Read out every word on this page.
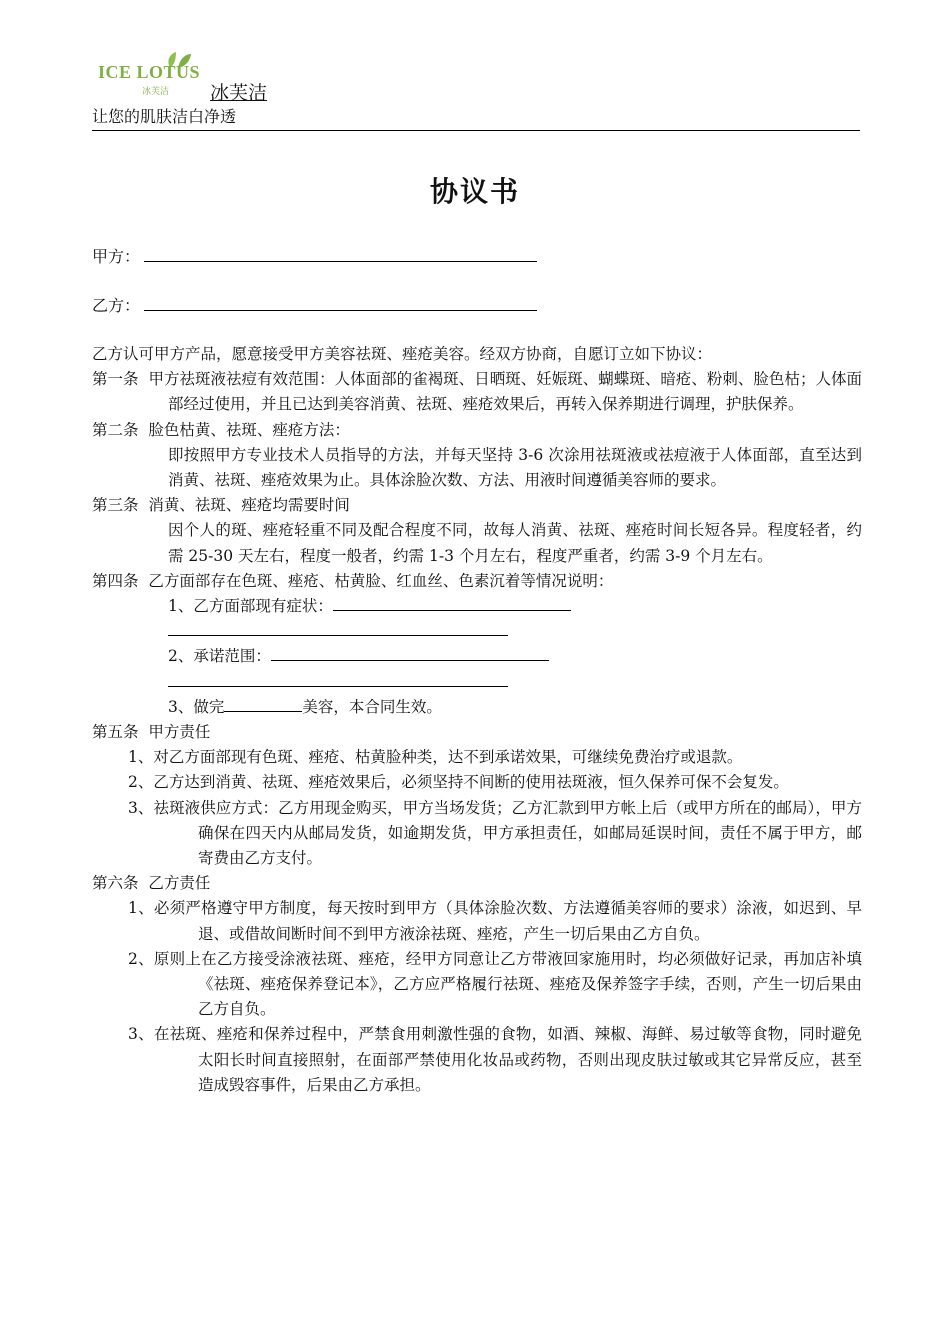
ICE LOTUS
冰芙洁 冰芙洁
让您的肌肤洁白净透
协议书
甲方：
乙方：

乙方认可甲方产品，愿意接受甲方美容祛斑、痤疮美容。经双方协商，自愿订立如下协议：

第一条 甲方祛斑液祛痘有效范围：人体面部的雀褐斑、日晒斑、妊娠斑、蝴蝶斑、暗疮、粉刺、脸色枯；人体面部经过使用，并且已达到美容消黄、祛斑、痤疮效果后，再转入保养期进行调理，护肤保养。

第二条 脸色枯黄、祛斑、痤疮方法：

即按照甲方专业技术人员指导的方法，并每天坚持 3-6 次涂用祛斑液或祛痘液于人体面部，直至达到消黄、祛斑、痤疮效果为止。具体涂脸次数、方法、用液时间遵循美容师的要求。

第三条 消黄、祛斑、痤疮均需要时间

因个人的斑、痤疮轻重不同及配合程度不同，故每人消黄、祛斑、痤疮时间长短各异。程度轻者，约需 25-30 天左右，程度一般者，约需 1-3 个月左右，程度严重者，约需 3-9 个月左右。

第四条 乙方面部存在色斑、痤疮、枯黄脸、红血丝、色素沉着等情况说明：

1、乙方面部现有症状：

2、承诺范围：

3、做完	美容，本合同生效。

第五条 甲方责任

1、对乙方面部现有色斑、痤疮、枯黄脸种类，达不到承诺效果，可继续免费治疗或退款。

2、乙方达到消黄、祛斑、痤疮效果后，必须坚持不间断的使用祛斑液，恒久保养可保不会复发。

3、祛斑液供应方式：乙方用现金购买，甲方当场发货；乙方汇款到甲方帐上后（或甲方所在的邮局），甲方确保在四天内从邮局发货，如逾期发货，甲方承担责任，如邮局延误时间，责任不属于甲方，邮寄费由乙方支付。

第六条 乙方责任

1、必须严格遵守甲方制度，每天按时到甲方（具体涂脸次数、方法遵循美容师的要求）涂液，如迟到、早退、或借故间断时间不到甲方液涂祛斑、痤疮，产生一切后果由乙方自负。

2、原则上在乙方接受涂液祛斑、痤疮，经甲方同意让乙方带液回家施用时，均必须做好记录，再加店补填《祛斑、痤疮保养登记本》，乙方应严格履行祛斑、痤疮及保养签字手续，否则，产生一切后果由乙方自负。

3、在祛斑、痤疮和保养过程中，严禁食用刺激性强的食物，如酒、辣椒、海鲜、易过敏等食物，同时避免太阳长时间直接照射，在面部严禁使用化妆品或药物，否则出现皮肤过敏或其它异常反应，甚至造成毁容事件，后果由乙方承担。
